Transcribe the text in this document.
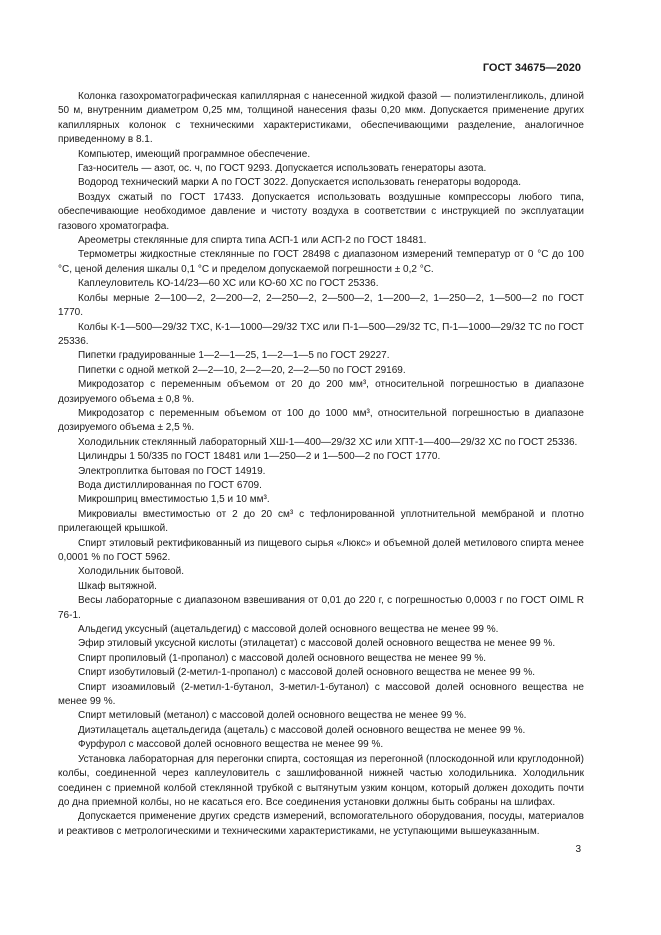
ГОСТ 34675—2020

Колонка газохроматографическая капиллярная с нанесенной жидкой фазой — полиэтиленгликоль, длиной 50 м, внутренним диаметром 0,25 мм, толщиной нанесения фазы 0,20 мкм. Допускается применение других капиллярных колонок с техническими характеристиками, обеспечивающими разделение, аналогичное приведенному в 8.1.

Компьютер, имеющий программное обеспечение.

Газ-носитель — азот, ос. ч, по ГОСТ 9293. Допускается использовать генераторы азота.

Водород технический марки А по ГОСТ 3022. Допускается использовать генераторы водорода.

Воздух сжатый по ГОСТ 17433. Допускается использовать воздушные компрессоры любого типа, обеспечивающие необходимое давление и чистоту воздуха в соответствии с инструкцией по эксплуатации газового хроматографа.

Ареометры стеклянные для спирта типа АСП-1 или АСП-2 по ГОСТ 18481.

Термометры жидкостные стеклянные по ГОСТ 28498 с диапазоном измерений температур от 0 °С до 100 °С, ценой деления шкалы 0,1 °С и пределом допускаемой погрешности ± 0,2 °С.

Каплеуловитель КО-14/23—60 ХС или КО-60 ХС по ГОСТ 25336.

Колбы мерные 2—100—2, 2—200—2, 2—250—2, 2—500—2, 1—200—2, 1—250—2, 1—500—2 по ГОСТ 1770.

Колбы К-1—500—29/32 ТХС, К-1—1000—29/32 ТХС или П-1—500—29/32 ТС, П-1—1000—29/32 ТС по ГОСТ 25336.

Пипетки градуированные 1—2—1—25, 1—2—1—5 по ГОСТ 29227.

Пипетки с одной меткой 2—2—10, 2—2—20, 2—2—50 по ГОСТ 29169.

Микродозатор с переменным объемом от 20 до 200 мм³, относительной погрешностью в диапазоне дозируемого объема ± 0,8 %.

Микродозатор с переменным объемом от 100 до 1000 мм³, относительной погрешностью в диапазоне дозируемого объема ± 2,5 %.

Холодильник стеклянный лабораторный ХШ-1—400—29/32 ХС или ХПТ-1—400—29/32 ХС по ГОСТ 25336.

Цилиндры 1 50/335 по ГОСТ 18481 или 1—250—2 и 1—500—2 по ГОСТ 1770.

Электроплитка бытовая по ГОСТ 14919.

Вода дистиллированная по ГОСТ 6709.

Микрошприц вместимостью 1,5 и 10 мм³.

Микровиалы вместимостью от 2 до 20 см³ с тефлонированной уплотнительной мембраной и плотно прилегающей крышкой.

Спирт этиловый ректификованный из пищевого сырья «Люкс» и объемной долей метилового спирта менее 0,0001 % по ГОСТ 5962.

Холодильник бытовой.

Шкаф вытяжной.

Весы лабораторные с диапазоном взвешивания от 0,01 до 220 г, с погрешностью 0,0003 г по ГОСТ OIML R 76-1.

Альдегид уксусный (ацетальдегид) с массовой долей основного вещества не менее 99 %.

Эфир этиловый уксусной кислоты (этилацетат) с массовой долей основного вещества не менее 99 %.

Спирт пропиловый (1-пропанол) с массовой долей основного вещества не менее 99 %.

Спирт изобутиловый (2-метил-1-пропанол) с массовой долей основного вещества не менее 99 %.

Спирт изоамиловый (2-метил-1-бутанол, 3-метил-1-бутанол) с массовой долей основного вещества не менее 99 %.

Спирт метиловый (метанол) с массовой долей основного вещества не менее 99 %.

Диэтилацеталь ацетальдегида (ацеталь) с массовой долей основного вещества не менее 99 %.

Фурфурол с массовой долей основного вещества не менее 99 %.

Установка лабораторная для перегонки спирта, состоящая из перегонной (плоскодонной или круглодонной) колбы, соединенной через каплеуловитель с зашлифованной нижней частью холодильника. Холодильник соединен с приемной колбой стеклянной трубкой с вытянутым узким концом, который должен доходить почти до дна приемной колбы, но не касаться его. Все соединения установки должны быть собраны на шлифах.

Допускается применение других средств измерений, вспомогательного оборудования, посуды, материалов и реактивов с метрологическими и техническими характеристиками, не уступающими вышеуказанным.

3
